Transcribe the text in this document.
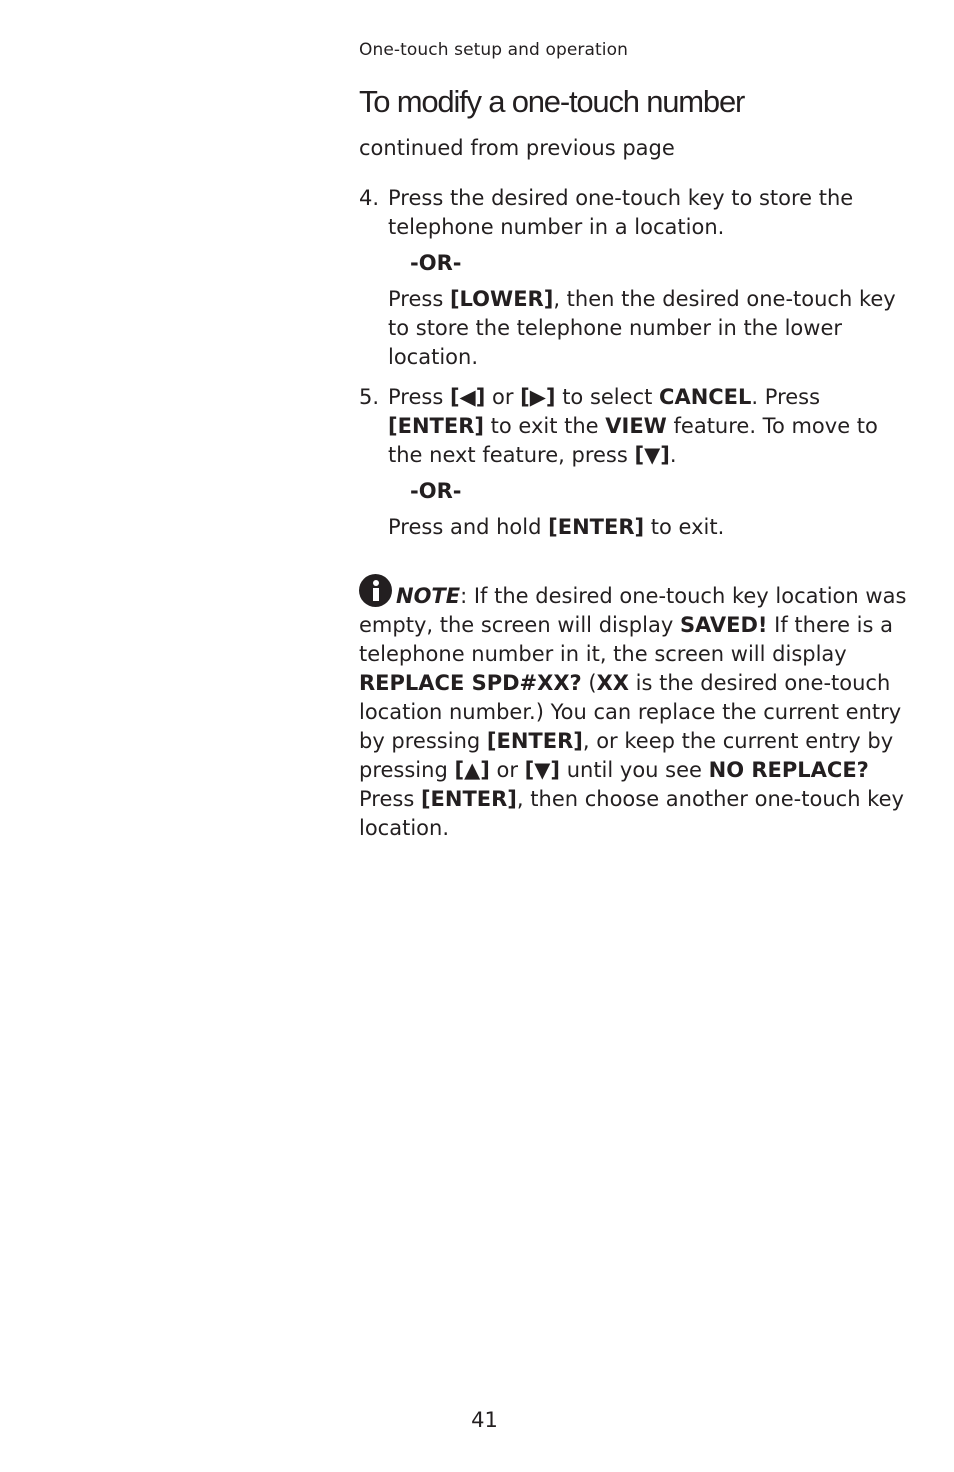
One-touch setup and operation
To modify a one-touch number
continued from previous page
4. Press the desired one-touch key to store the telephone number in a location.

-OR-

Press [LOWER], then the desired one-touch key to store the telephone number in the lower location.

5. Press [◀] or [▶] to select CANCEL. Press [ENTER] to exit the VIEW feature. To move to the next feature, press [▼].

-OR-

Press and hold [ENTER] to exit.

NOTE: If the desired one-touch key location was empty, the screen will display SAVED! If there is a telephone number in it, the screen will display REPLACE SPD#XX? (XX is the desired one-touch location number.) You can replace the current entry by pressing [ENTER], or keep the current entry by pressing [▲] or [▼] until you see NO REPLACE? Press [ENTER], then choose another one-touch key location.

41
